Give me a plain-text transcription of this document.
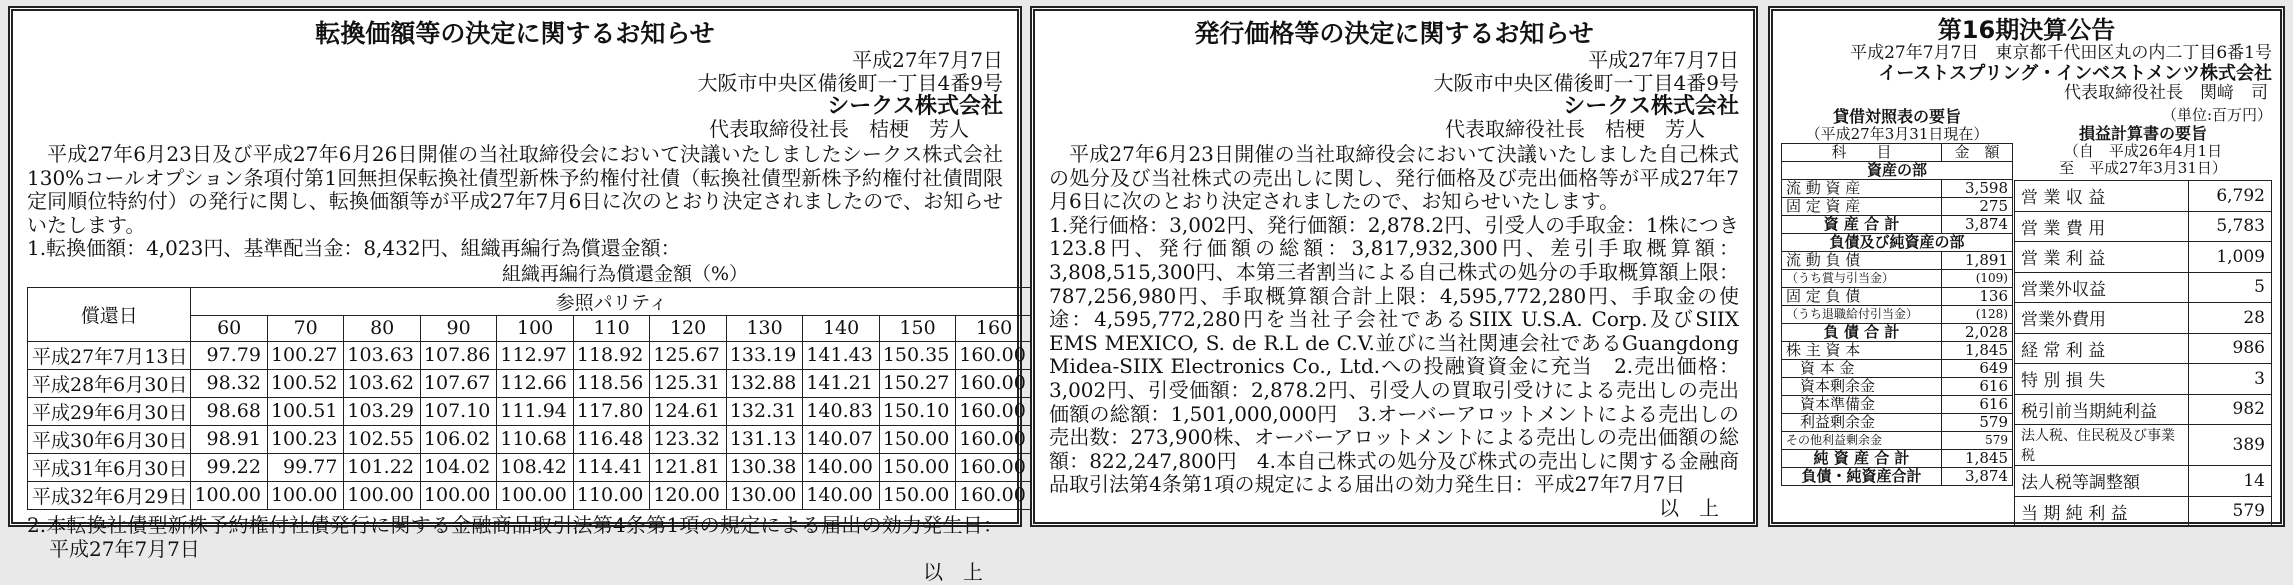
転換価額等の決定に関するお知らせ
平成27年7月7日
大阪市中央区備後町一丁目4番9号
シークス株式会社
代表取締役社長　桔梗　芳人

平成27年6月23日及び平成27年6月26日開催の当社取締役会において決議いたしましたシークス株式会社130%コールオプション条項付第1回無担保転換社債型新株予約権付社債（転換社債型新株予約権付社債間限定同順位特約付）の発行に関し、転換価額等が平成27年7月6日に次のとおり決定されましたので、お知らせいたします。

1.転換価額：4,023円、基準配当金：8,432円、組織再編行為償還金額：

組織再編行為償還金額（%）
償還日	参照パリティ										
	60	70	80	90	100	110	120	130	140	150	160
平成27年7月13日	97.79	100.27	103.63	107.86	112.97	118.92	125.67	133.19	141.43	150.35	160.00
平成28年6月30日	98.32	100.52	103.62	107.67	112.66	118.56	125.31	132.88	141.21	150.27	160.00
平成29年6月30日	98.68	100.51	103.29	107.10	111.94	117.80	124.61	132.31	140.83	150.10	160.00
平成30年6月30日	98.91	100.23	102.55	106.02	110.68	116.48	123.32	131.13	140.07	150.00	160.00
平成31年6月30日	99.22	99.77	101.22	104.02	108.42	114.41	121.81	130.38	140.00	150.00	160.00
平成32年6月29日	100.00	100.00	100.00	100.00	100.00	110.00	120.00	130.00	140.00	150.00	160.00

2.本転換社債型新株予約権付社債発行に関する金融商品取引法第4条第1項の規定による届出の効力発生日：平成27年7月7日

以　上
発行価格等の決定に関するお知らせ
平成27年7月7日
大阪市中央区備後町一丁目4番9号
シークス株式会社
代表取締役社長　桔梗　芳人

平成27年6月23日開催の当社取締役会において決議いたしました自己株式の処分及び当社株式の売出しに関し、発行価格及び売出価格等が平成27年7月6日に次のとおり決定されましたので、お知らせいたします。

1.発行価格：3,002円、発行価額：2,878.2円、引受人の手取金：1株につき123.8円、発行価額の総額：3,817,932,300円、差引手取概算額：3,808,515,300円、本第三者割当による自己株式の処分の手取概算額上限：787,256,980円、手取概算額合計上限：4,595,772,280円、手取金の使途：4,595,772,280円を当社子会社であるSIIX U.S.A. Corp.及びSIIX EMS MEXICO, S. de R.L de C.V.並びに当社関連会社であるGuangdong Midea-SIIX Electronics Co., Ltd.への投融資資金に充当　2.売出価格：3,002円、引受価額：2,878.2円、引受人の買取引受けによる売出しの売出価額の総額：1,501,000,000円　3.オーバーアロットメントによる売出しの売出数：273,900株、オーバーアロットメントによる売出しの売出価額の総額：822,247,800円　4.本自己株式の処分及び株式の売出しに関する金融商品取引法第4条第1項の規定による届出の効力発生日：平成27年7月7日

以　上
第16期決算公告
平成27年7月7日　東京都千代田区丸の内二丁目6番1号
イーストスプリング・インベストメンツ株式会社
代表取締役社長　関﨑　司
貸借対照表の要旨
（平成27年3月31日現在）
科　　目	金　額
資産の部	
流 動 資 産	3,598
固 定 資 産	275
資 産 合 計	3,874
負債及び純資産の部	
流 動 負 債	1,891
（うち賞与引当金）	(109)
固 定 負 債	136
（うち退職給付引当金）	(128)
負 債 合 計	2,028
株 主 資 本	1,845
資 本 金	649
資本剰余金	616
資本準備金	616
利益剰余金	579
その他利益剰余金	579
純 資 産 合 計	1,845
負債・純資産合計	3,874
（単位:百万円）
損益計算書の要旨
（自　平成26年4月1日
至　平成27年3月31日）
営 業 収 益	6,792
営 業 費 用	5,783
営 業 利 益	1,009
営業外収益	5
営業外費用	28
経 常 利 益	986
特 別 損 失	3
税引前当期純利益	982
法人税、住民税及び事業税	389
法人税等調整額	14
当 期 純 利 益	579
